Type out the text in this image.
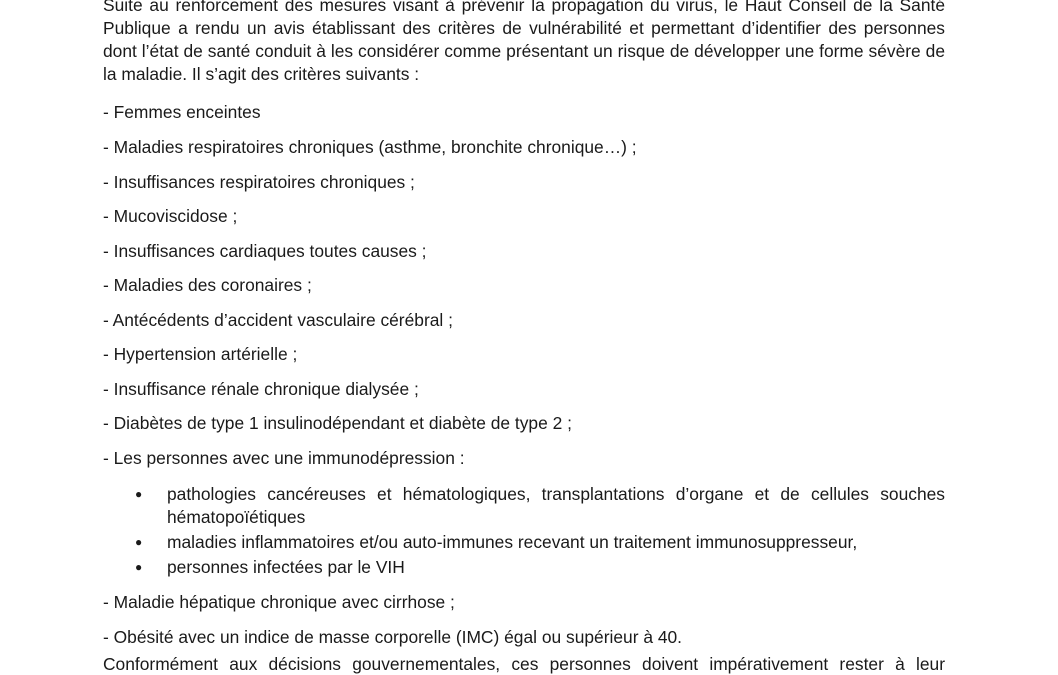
Suite au renforcement des mesures visant à prévenir la propagation du virus, le Haut Conseil de la Santé Publique a rendu un avis établissant des critères de vulnérabilité et permettant d’identifier des personnes dont l’état de santé conduit à les considérer comme présentant un risque de développer une forme sévère de la maladie. Il s’agit des critères suivants :

- Femmes enceintes

- Maladies respiratoires chroniques (asthme, bronchite chronique…) ;

- Insuffisances respiratoires chroniques ;

- Mucoviscidose ;

- Insuffisances cardiaques toutes causes ;

- Maladies des coronaires ;

- Antécédents d’accident vasculaire cérébral ;

- Hypertension artérielle ;

- Insuffisance rénale chronique dialysée ;

- Diabètes de type 1 insulinodépendant et diabète de type 2 ;

- Les personnes avec une immunodépression :

●	pathologies cancéreuses et hématologiques, transplantations d’organe et de cellules souches hématopoïétiques
●	maladies inflammatoires et/ou auto-immunes recevant un traitement immunosuppresseur,
●	personnes infectées par le VIH

- Maladie hépatique chronique avec cirrhose ;

- Obésité avec un indice de masse corporelle (IMC) égal ou supérieur à 40.

Conformément aux décisions gouvernementales, ces personnes doivent impérativement rester à leur
